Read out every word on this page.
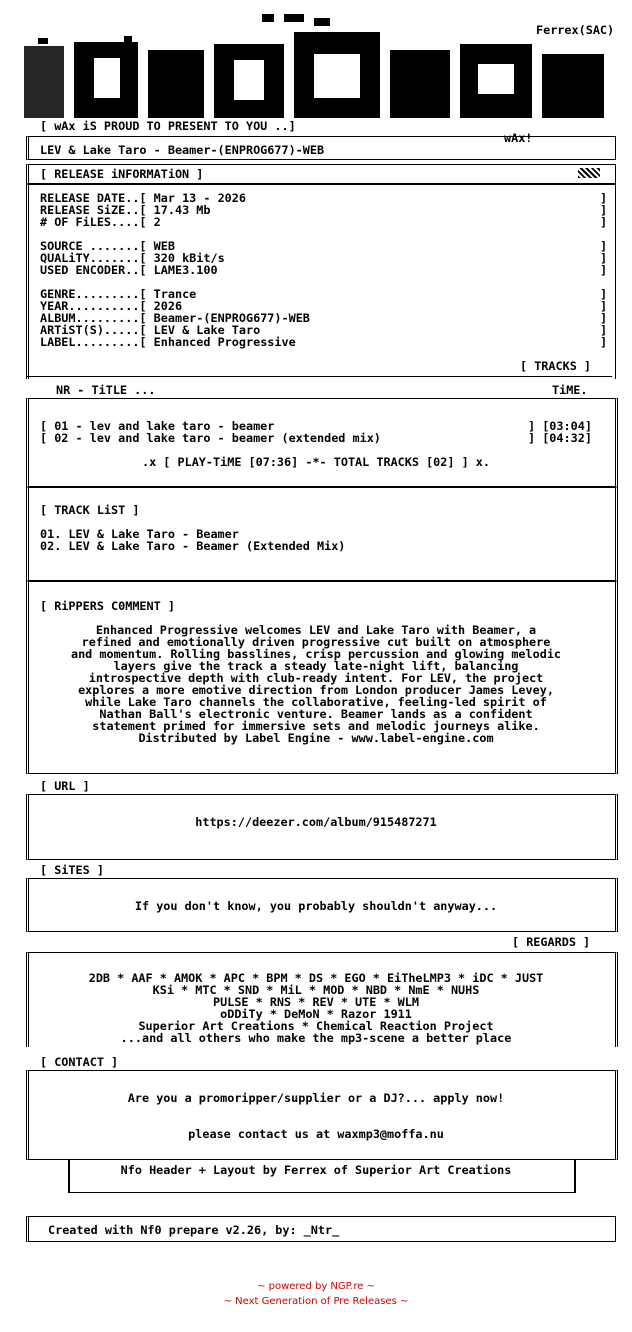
Ferrex(SAC)
wAx!
[ wAx iS PROUD TO PRESENT TO YOU ..]
LEV & Lake Taro - Beamer-(ENPROG677)-WEB
[ RELEASE iNFORMATiON ]
RELEASE DATE..[ Mar 13 - 2026
RELEASE SiZE..[ 17.43 Mb
# OF FiLES....[ 2
SOURCE .......[ WEB
QUALiTY.......[ 320 kBit/s
USED ENCODER..[ LAME3.100
GENRE.........[ Trance
YEAR..........[ 2026
ALBUM.........[ Beamer-(ENPROG677)-WEB
ARTiST(S).....[ LEV & Lake Taro
LABEL.........[ Enhanced Progressive
]
]
]
]
]
]
]
]
]
]
]
[ TRACKS ]
NR - TiTLE ...	TiME.
[ 01 - lev and lake taro - beamer	] [03:04]
[ 02 - lev and lake taro - beamer (extended mix)	] [04:32]
.x [ PLAY-TiME [07:36] -*- TOTAL TRACKS [02] ] x.
[ TRACK LiST ]
01. LEV & Lake Taro - Beamer
02. LEV & Lake Taro - Beamer (Extended Mix)
[ RiPPERS C0MMENT ]
Enhanced Progressive welcomes LEV and Lake Taro with Beamer, a
refined and emotionally driven progressive cut built on atmosphere
and momentum. Rolling basslines, crisp percussion and glowing melodic
layers give the track a steady late-night lift, balancing
introspective depth with club-ready intent. For LEV, the project
explores a more emotive direction from London producer James Levey,
while Lake Taro channels the collaborative, feeling-led spirit of
Nathan Ball's electronic venture. Beamer lands as a confident
statement primed for immersive sets and melodic journeys alike.
Distributed by Label Engine - www.label-engine.com
[ URL ]
https://deezer.com/album/915487271
[ SiTES ]
If you don't know, you probably shouldn't anyway...
[ REGARDS ]
2DB * AAF * AMOK * APC * BPM * DS * EGO * EiTheLMP3 * iDC * JUST
KSi * MTC * SND * MiL * MOD * NBD * NmE * NUHS
PULSE * RNS * REV * UTE * WLM
oDDiTy * DeMoN * Razor 1911
Superior Art Creations * Chemical Reaction Project
...and all others who make the mp3-scene a better place
[ CONTACT ]
Are you a promoripper/supplier or a DJ?... apply now!
please contact us at waxmp3@moffa.nu
Nfo Header + Layout by Ferrex of Superior Art Creations
Created with Nf0 prepare v2.26, by: _Ntr_
~ powered by NGP.re ~
~ Next Generation of Pre Releases ~
